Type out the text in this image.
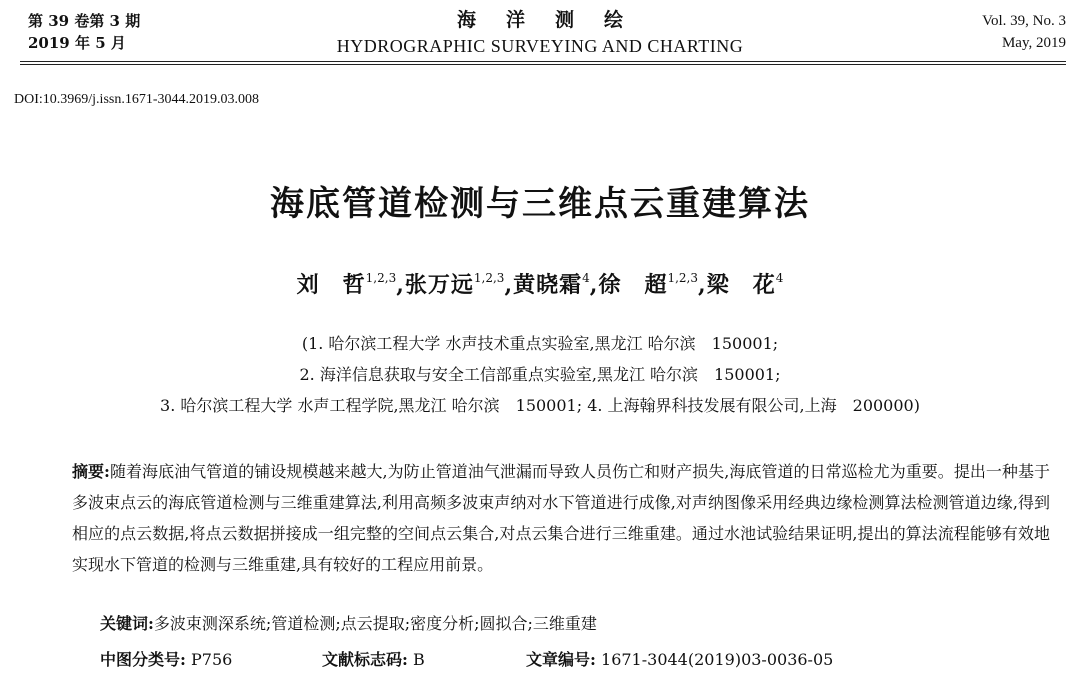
第 39 卷第 3 期
2019 年 5 月
海洋测绘
HYDROGRAPHIC SURVEYING AND CHARTING
Vol. 39, No. 3
May, 2019
DOI:10.3969/j.issn.1671-3044.2019.03.008
海底管道检测与三维点云重建算法
刘　哲$^{1,2,3}$,张万远$^{1,2,3}$,黄晓霜$^4$,徐　超$^{1,2,3}$,梁　花$^4$
(1. 哈尔滨工程大学 水声技术重点实验室,黑龙江 哈尔滨　150001;
2. 海洋信息获取与安全工信部重点实验室,黑龙江 哈尔滨　150001;
3. 哈尔滨工程大学 水声工程学院,黑龙江 哈尔滨　150001; 4. 上海翰界科技发展有限公司,上海　200000)
摘要:随着海底油气管道的铺设规模越来越大,为防止管道油气泄漏而导致人员伤亡和财产损失,海底管道的日常巡检尤为重要。提出一种基于多波束点云的海底管道检测与三维重建算法,利用高频多波束声纳对水下管道进行成像,对声纳图像采用经典边缘检测算法检测管道边缘,得到相应的点云数据,将点云数据拼接成一组完整的空间点云集合,对点云集合进行三维重建。通过水池试验结果证明,提出的算法流程能够有效地实现水下管道的检测与三维重建,具有较好的工程应用前景。
关键词:多波束测深系统;管道检测;点云提取;密度分析;圆拟合;三维重建
中图分类号: P756	文献标志码: B	文章编号: 1671-3044(2019)03-0036-05
